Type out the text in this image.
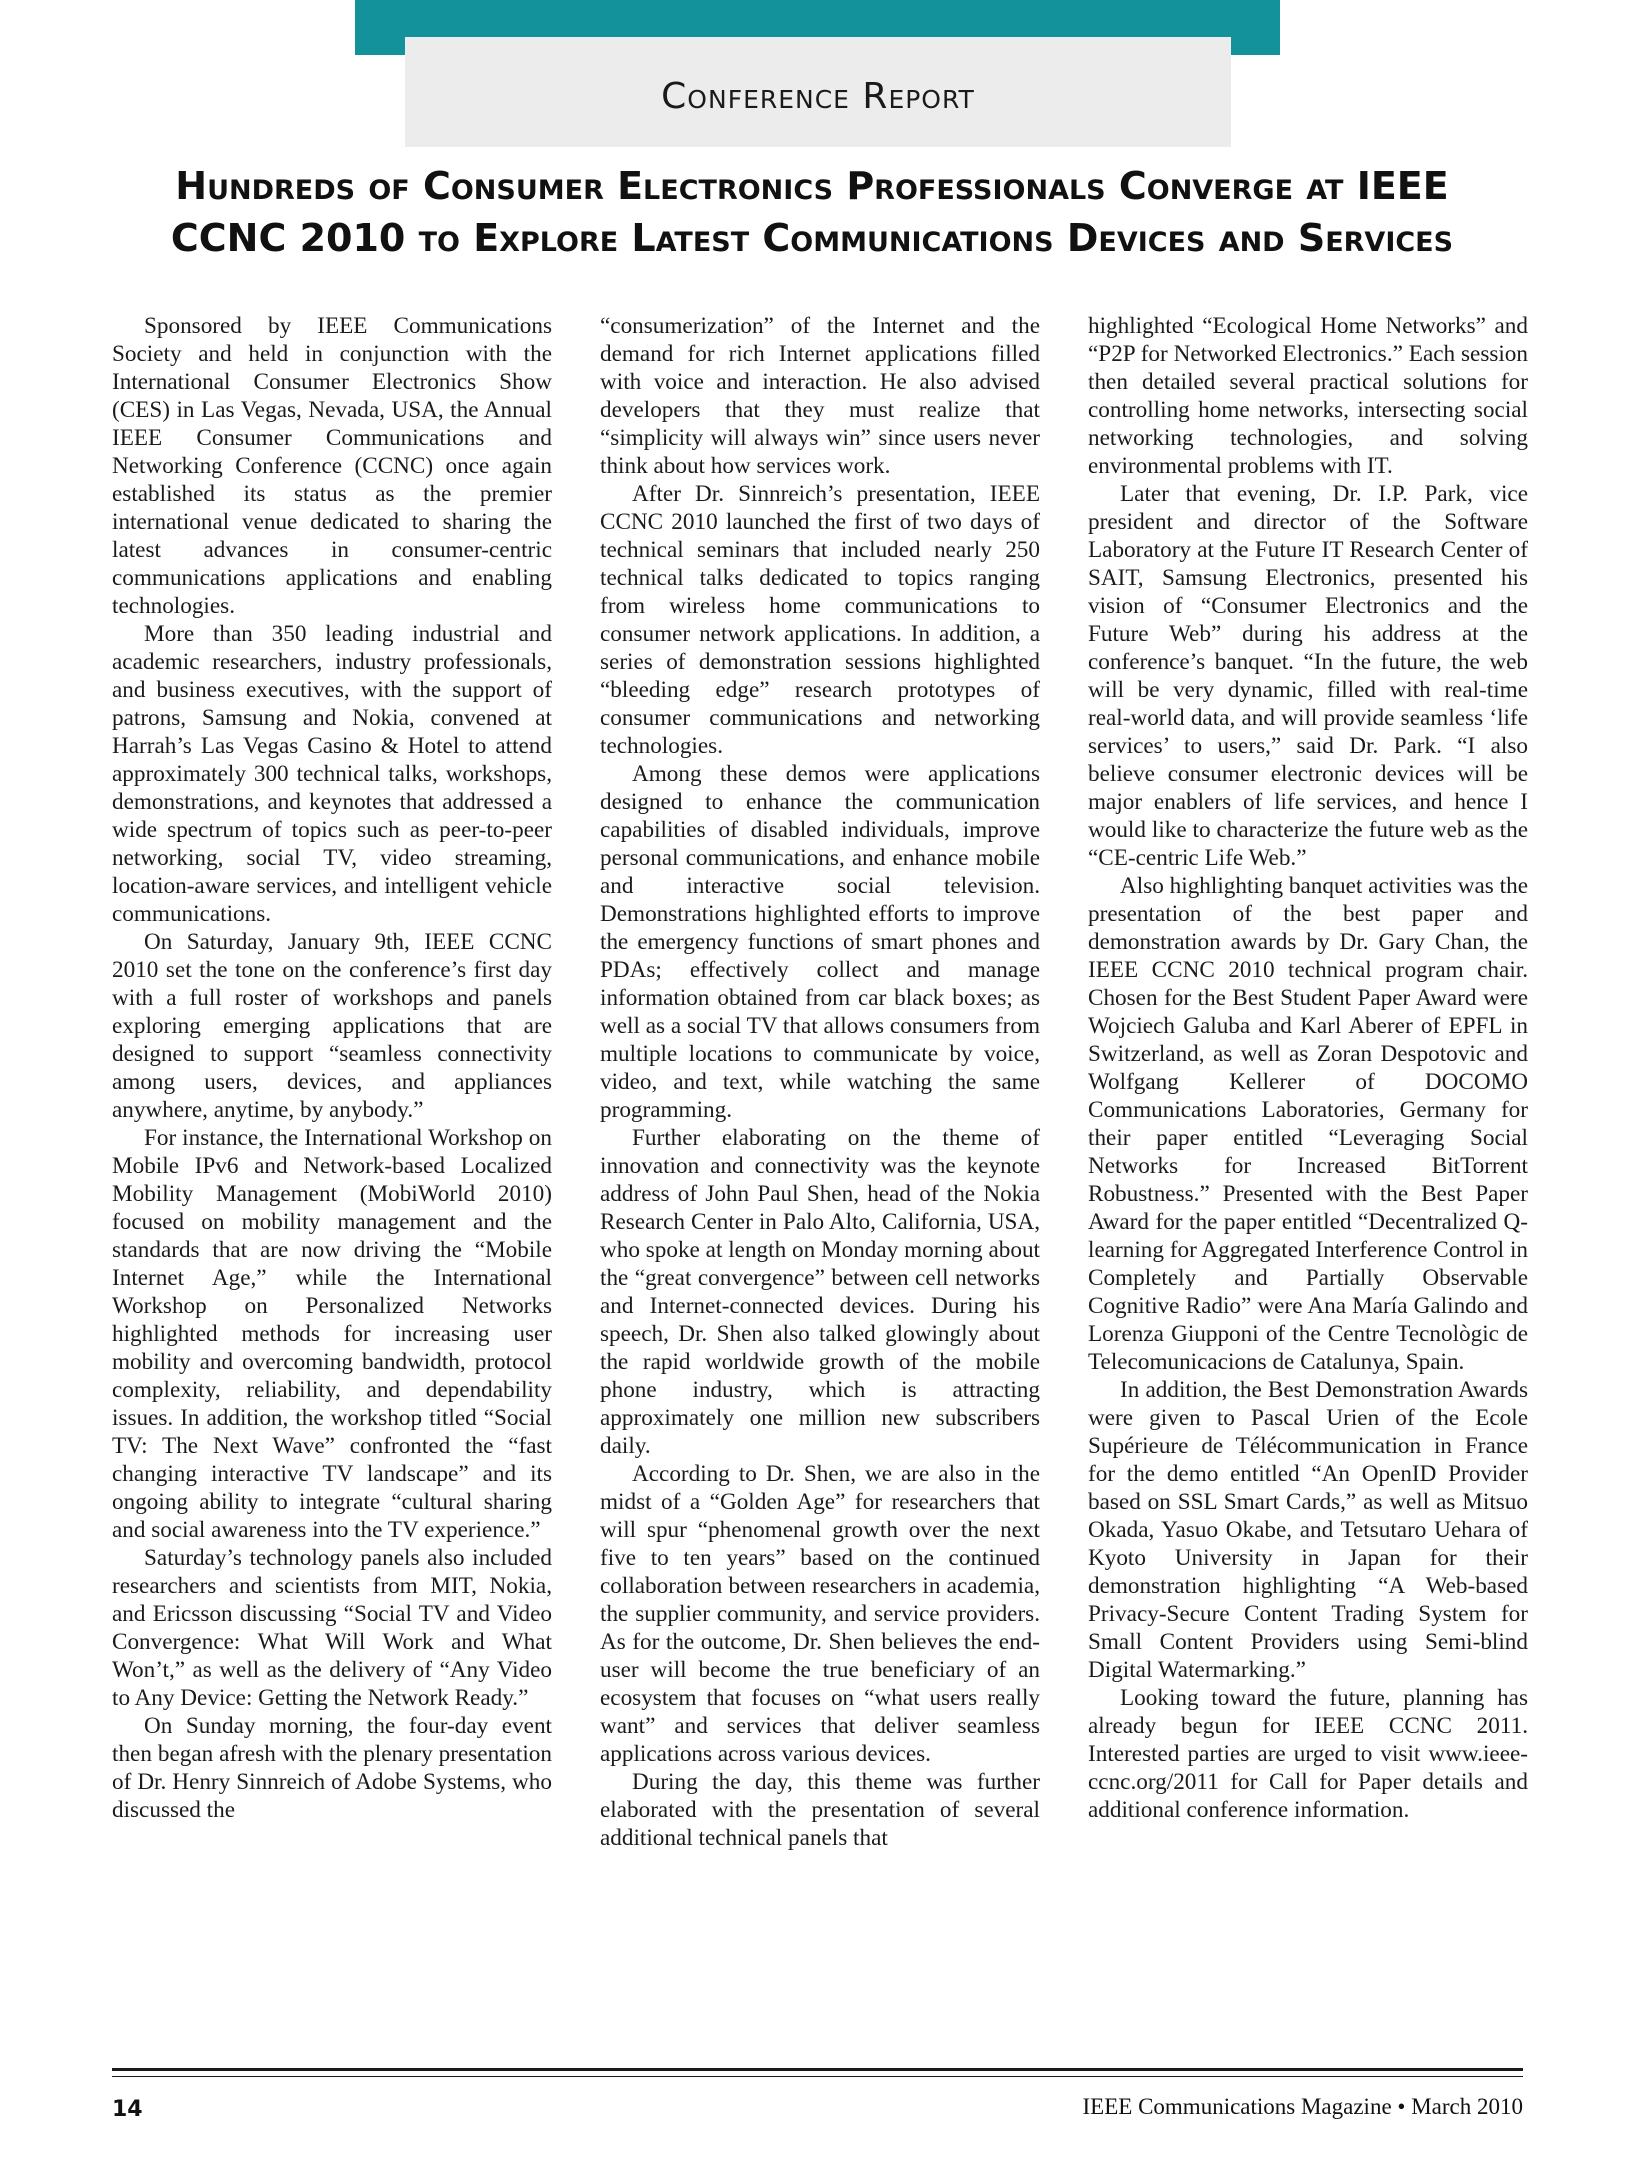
Conference Report
Hundreds of Consumer Electronics Professionals Converge at IEEE
CCNC 2010 to Explore Latest Communications Devices and Services

Sponsored by IEEE Communications Society and held in conjunction with the International Consumer Electronics Show (CES) in Las Vegas, Nevada, USA, the Annual IEEE Consumer Communications and Networking Conference (CCNC) once again established its status as the premier international venue dedicated to sharing the latest advances in consumer-centric communications applications and enabling technologies.

More than 350 leading industrial and academic researchers, industry professionals, and business executives, with the support of patrons, Samsung and Nokia, convened at Harrah’s Las Vegas Casino & Hotel to attend approximately 300 technical talks, workshops, demonstrations, and keynotes that addressed a wide spectrum of topics such as peer-to-peer networking, social TV, video streaming, location-aware services, and intelligent vehicle communications.

On Saturday, January 9th, IEEE CCNC 2010 set the tone on the conference’s first day with a full roster of workshops and panels exploring emerging applications that are designed to support “seamless connectivity among users, devices, and appliances anywhere, anytime, by anybody.”

For instance, the International Workshop on Mobile IPv6 and Network-based Localized Mobility Management (MobiWorld 2010) focused on mobility management and the standards that are now driving the “Mobile Internet Age,” while the International Workshop on Personalized Networks highlighted methods for increasing user mobility and overcoming bandwidth, protocol complexity, reliability, and dependability issues. In addition, the workshop titled “Social TV: The Next Wave” confronted the “fast changing interactive TV landscape” and its ongoing ability to integrate “cultural sharing and social awareness into the TV experience.”

Saturday’s technology panels also included researchers and scientists from MIT, Nokia, and Ericsson discussing “Social TV and Video Convergence: What Will Work and What Won’t,” as well as the delivery of “Any Video to Any Device: Getting the Network Ready.”

On Sunday morning, the four-day event then began afresh with the plenary presentation of Dr. Henry Sinnreich of Adobe Systems, who discussed the

“consumerization” of the Internet and the demand for rich Internet applications filled with voice and interaction. He also advised developers that they must realize that “simplicity will always win” since users never think about how services work.

After Dr. Sinnreich’s presentation, IEEE CCNC 2010 launched the first of two days of technical seminars that included nearly 250 technical talks dedicated to topics ranging from wireless home communications to consumer network applications. In addition, a series of demonstration sessions highlighted “bleeding edge” research prototypes of consumer communications and networking technologies.

Among these demos were applications designed to enhance the communication capabilities of disabled individuals, improve personal communications, and enhance mobile and interactive social television. Demonstrations highlighted efforts to improve the emergency functions of smart phones and PDAs; effectively collect and manage information obtained from car black boxes; as well as a social TV that allows consumers from multiple locations to communicate by voice, video, and text, while watching the same programming.

Further elaborating on the theme of innovation and connectivity was the keynote address of John Paul Shen, head of the Nokia Research Center in Palo Alto, California, USA, who spoke at length on Monday morning about the “great convergence” between cell networks and Internet-connected devices. During his speech, Dr. Shen also talked glowingly about the rapid worldwide growth of the mobile phone industry, which is attracting approximately one million new subscribers daily.

According to Dr. Shen, we are also in the midst of a “Golden Age” for researchers that will spur “phenomenal growth over the next five to ten years” based on the continued collaboration between researchers in academia, the supplier community, and service providers. As for the outcome, Dr. Shen believes the end-user will become the true beneficiary of an ecosystem that focuses on “what users really want” and services that deliver seamless applications across various devices.

During the day, this theme was further elaborated with the presentation of several additional technical panels that

highlighted “Ecological Home Networks” and “P2P for Networked Electronics.” Each session then detailed several practical solutions for controlling home networks, intersecting social networking technologies, and solving environmental problems with IT.

Later that evening, Dr. I.P. Park, vice president and director of the Software Laboratory at the Future IT Research Center of SAIT, Samsung Electronics, presented his vision of “Consumer Electronics and the Future Web” during his address at the conference’s banquet. “In the future, the web will be very dynamic, filled with real-time real-world data, and will provide seamless ‘life services’ to users,” said Dr. Park. “I also believe consumer electronic devices will be major enablers of life services, and hence I would like to characterize the future web as the “CE-centric Life Web.”

Also highlighting banquet activities was the presentation of the best paper and demonstration awards by Dr. Gary Chan, the IEEE CCNC 2010 technical program chair. Chosen for the Best Student Paper Award were Wojciech Galuba and Karl Aberer of EPFL in Switzerland, as well as Zoran Despotovic and Wolfgang Kellerer of DOCOMO Communications Laboratories, Germany for their paper entitled “Leveraging Social Networks for Increased BitTorrent Robustness.” Presented with the Best Paper Award for the paper entitled “Decentralized Q-learning for Aggregated Interference Control in Completely and Partially Observable Cognitive Radio” were Ana María Galindo and Lorenza Giupponi of the Centre Tecnològic de Telecomunicacions de Catalunya, Spain.

In addition, the Best Demonstration Awards were given to Pascal Urien of the Ecole Supérieure de Télécommunication in France for the demo entitled “An OpenID Provider based on SSL Smart Cards,” as well as Mitsuo Okada, Yasuo Okabe, and Tetsutaro Uehara of Kyoto University in Japan for their demonstration highlighting “A Web-based Privacy-Secure Content Trading System for Small Content Providers using Semi-blind Digital Watermarking.”

Looking toward the future, planning has already begun for IEEE CCNC 2011. Interested parties are urged to visit www.ieee-ccnc.org/2011 for Call for Paper details and additional conference information.

14	IEEE Communications Magazine • March 2010
